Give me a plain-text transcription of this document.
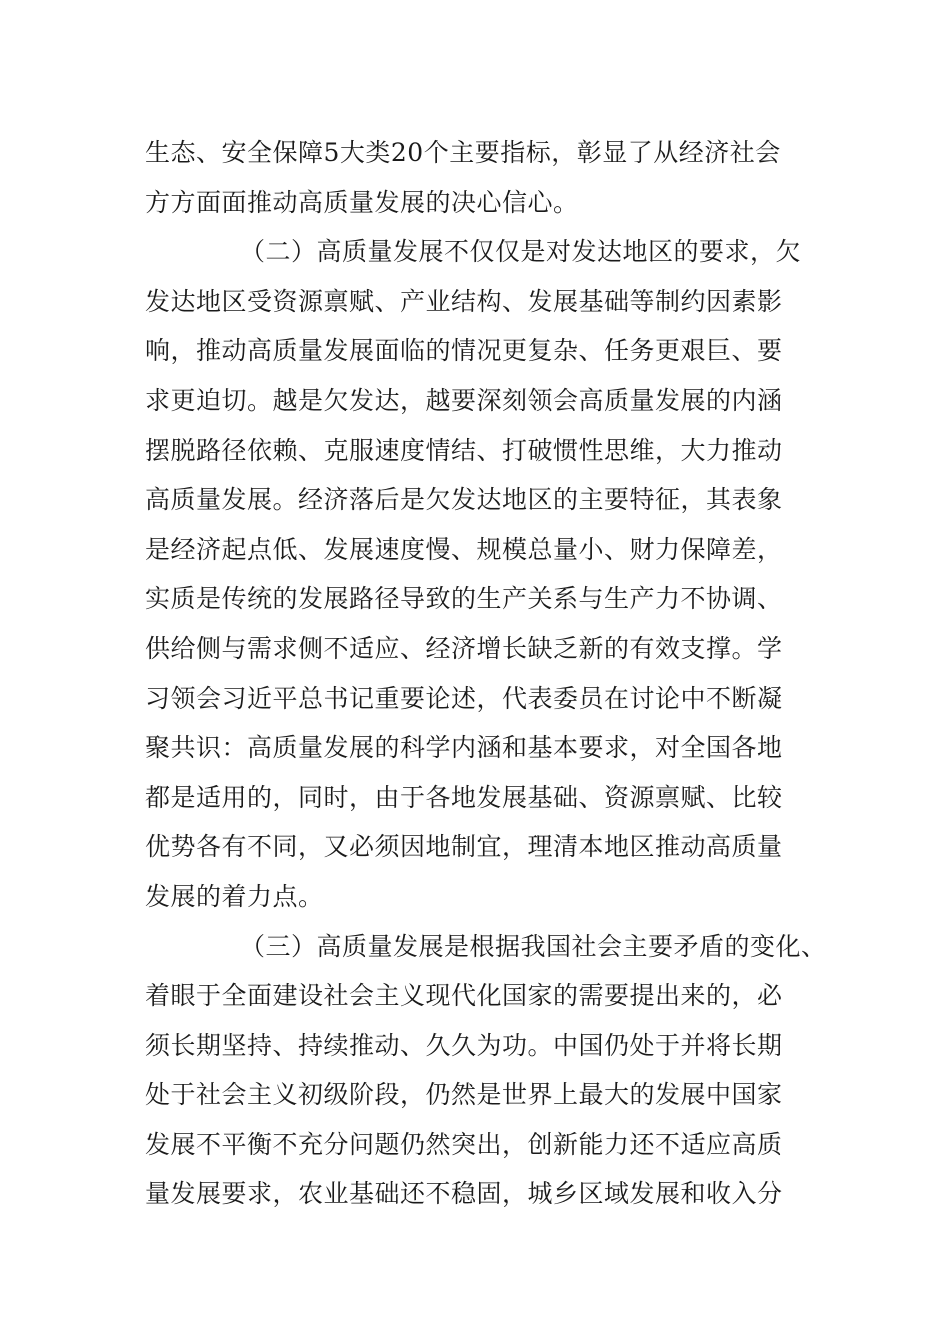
生态、安全保障5大类20个主要指标，彰显了从经济社会
方方面面推动高质量发展的决心信心。
（二）高质量发展不仅仅是对发达地区的要求，欠
发达地区受资源禀赋、产业结构、发展基础等制约因素影
响，推动高质量发展面临的情况更复杂、任务更艰巨、要
求更迫切。越是欠发达，越要深刻领会高质量发展的内涵
摆脱路径依赖、克服速度情结、打破惯性思维，大力推动
高质量发展。经济落后是欠发达地区的主要特征，其表象
是经济起点低、发展速度慢、规模总量小、财力保障差，
实质是传统的发展路径导致的生产关系与生产力不协调、
供给侧与需求侧不适应、经济增长缺乏新的有效支撑。学
习领会习近平总书记重要论述，代表委员在讨论中不断凝
聚共识：高质量发展的科学内涵和基本要求，对全国各地
都是适用的，同时，由于各地发展基础、资源禀赋、比较
优势各有不同，又必须因地制宜，理清本地区推动高质量
发展的着力点。
（三）高质量发展是根据我国社会主要矛盾的变化、
着眼于全面建设社会主义现代化国家的需要提出来的，必
须长期坚持、持续推动、久久为功。中国仍处于并将长期
处于社会主义初级阶段，仍然是世界上最大的发展中国家
发展不平衡不充分问题仍然突出，创新能力还不适应高质
量发展要求，农业基础还不稳固，城乡区域发展和收入分
